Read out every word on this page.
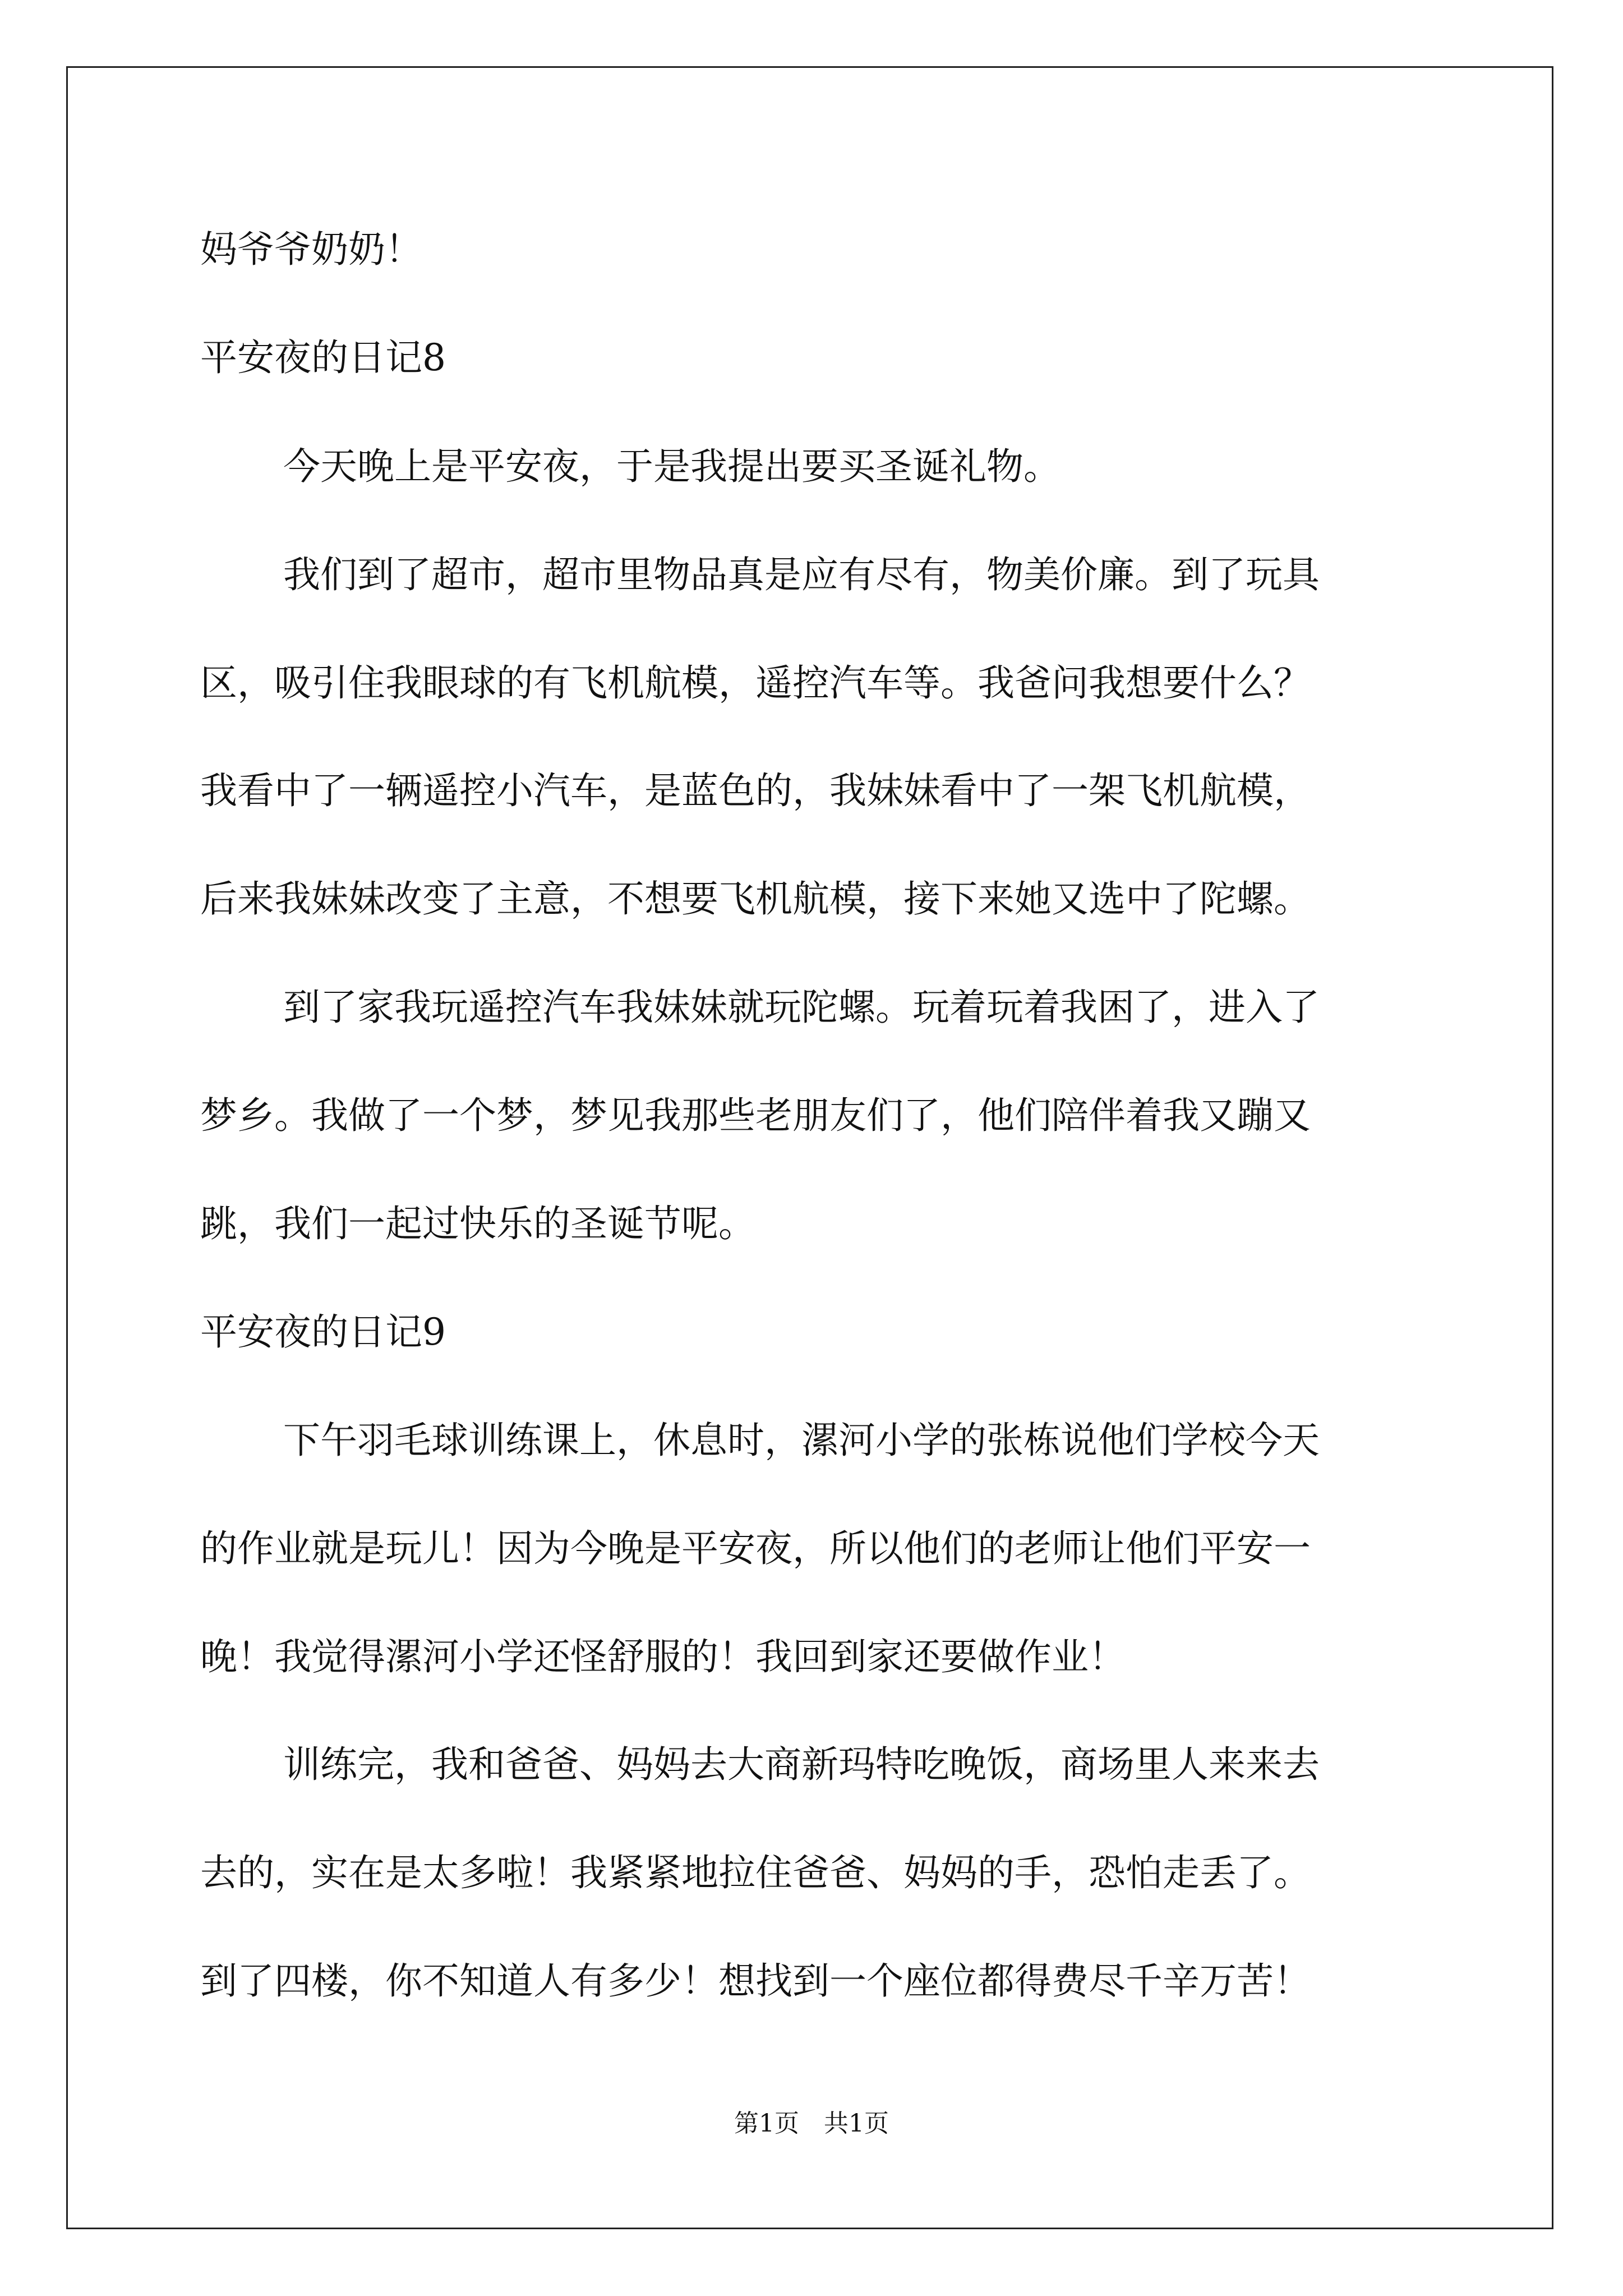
妈爷爷奶奶！
平安夜的日记8
今天晚上是平安夜，于是我提出要买圣诞礼物。
我们到了超市，超市里物品真是应有尽有，物美价廉。到了玩具
区，吸引住我眼球的有飞机航模，遥控汽车等。我爸问我想要什么？
我看中了一辆遥控小汽车，是蓝色的，我妹妹看中了一架飞机航模，
后来我妹妹改变了主意，不想要飞机航模，接下来她又选中了陀螺。
到了家我玩遥控汽车我妹妹就玩陀螺。玩着玩着我困了，进入了
梦乡。我做了一个梦，梦见我那些老朋友们了，他们陪伴着我又蹦又
跳，我们一起过快乐的圣诞节呢。
平安夜的日记9
下午羽毛球训练课上，休息时，漯河小学的张栋说他们学校今天
的作业就是玩儿！因为今晚是平安夜，所以他们的老师让他们平安一
晚！我觉得漯河小学还怪舒服的！我回到家还要做作业！
训练完，我和爸爸、妈妈去大商新玛特吃晚饭，商场里人来来去
去的，实在是太多啦！我紧紧地拉住爸爸、妈妈的手，恐怕走丢了。
到了四楼，你不知道人有多少！想找到一个座位都得费尽千辛万苦！
第1页　共1页
